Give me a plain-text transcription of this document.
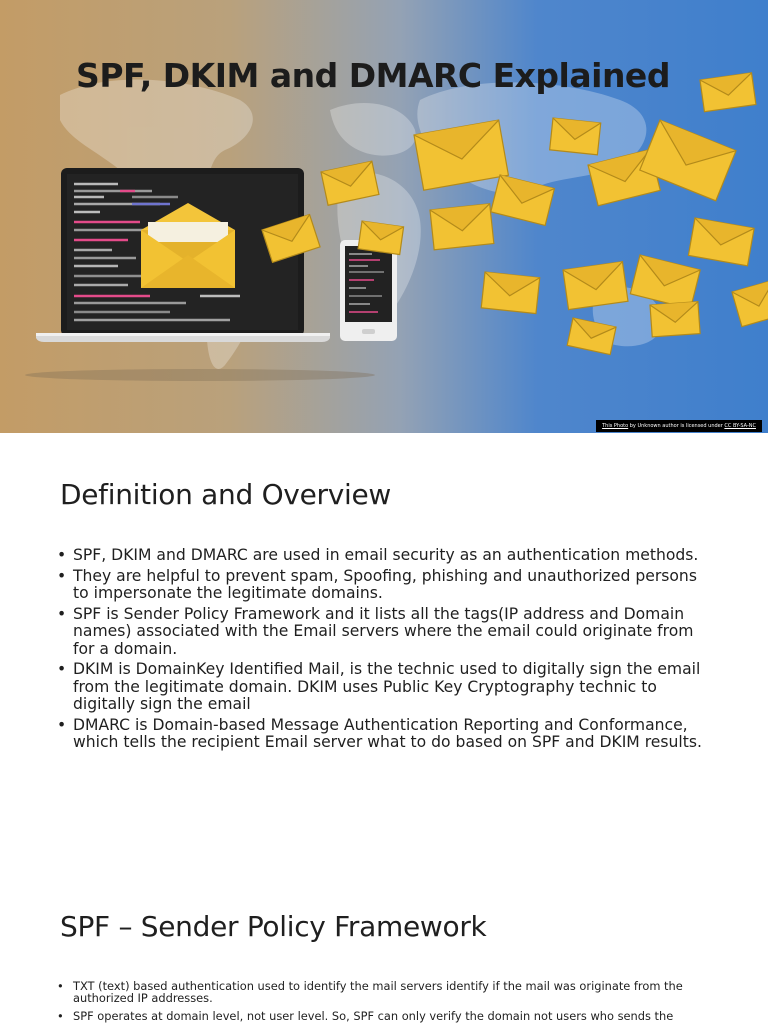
SPF, DKIM and DMARC Explained
This Photo by Unknown author is licensed under CC BY-SA-NC
Definition and Overview
• SPF, DKIM and DMARC are used in email security as an authentication methods.
• They are helpful to prevent spam, Spoofing, phishing and unauthorized persons to impersonate the legitimate domains.
• SPF is Sender Policy Framework and it lists all the tags(IP address and Domain names) associated with the Email servers where the email could originate from for a domain.
• DKIM is DomainKey Identified Mail, is the technic used to digitally sign the email from the legitimate domain. DKIM uses Public Key Cryptography technic to digitally sign the email
• DMARC is Domain-based Message Authentication Reporting and Conformance, which tells the recipient Email server what to do based on SPF and DKIM results.
SPF – Sender Policy Framework
• TXT (text) based authentication used to identify the mail servers identify if the mail was originate from the authorized IP addresses.
• SPF operates at domain level, not user level. So, SPF can only verify the domain not users who sends the
